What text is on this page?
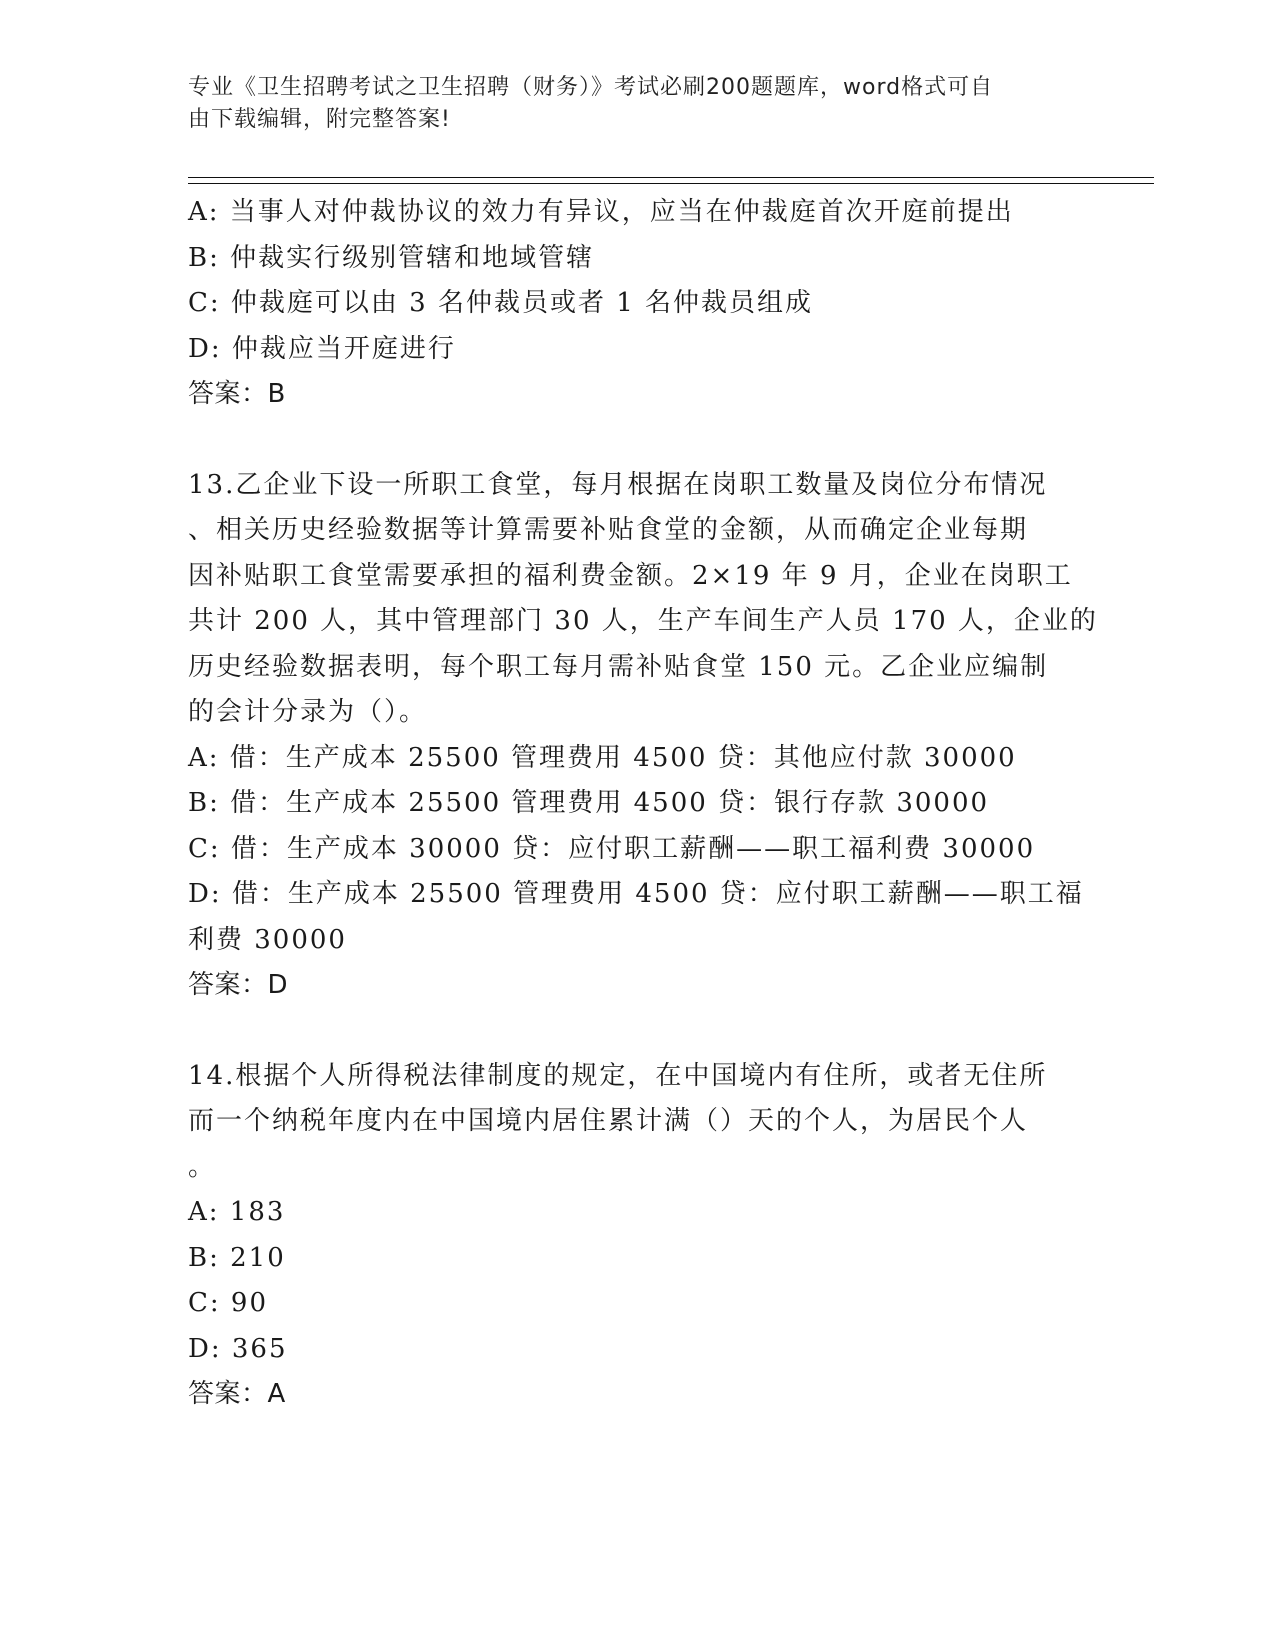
专业《卫生招聘考试之卫生招聘（财务）》考试必刷200题题库，word格式可自
由下载编辑，附完整答案!
A: 当事人对仲裁协议的效力有异议，应当在仲裁庭首次开庭前提出
B: 仲裁实行级别管辖和地域管辖
C: 仲裁庭可以由 3 名仲裁员或者 1 名仲裁员组成
D: 仲裁应当开庭进行
答案：B
13.乙企业下设一所职工食堂，每月根据在岗职工数量及岗位分布情况
、相关历史经验数据等计算需要补贴食堂的金额，从而确定企业每期
因补贴职工食堂需要承担的福利费金额。2×19 年 9 月，企业在岗职工
共计 200 人，其中管理部门 30 人，生产车间生产人员 170 人，企业的
历史经验数据表明，每个职工每月需补贴食堂 150 元。乙企业应编制
的会计分录为（）。
A: 借：生产成本 25500 管理费用 4500 贷：其他应付款 30000
B: 借：生产成本 25500 管理费用 4500 贷：银行存款 30000
C: 借：生产成本 30000 贷：应付职工薪酬——职工福利费 30000
D: 借：生产成本 25500 管理费用 4500 贷：应付职工薪酬——职工福
利费 30000
答案：D
14.根据个人所得税法律制度的规定，在中国境内有住所，或者无住所
而一个纳税年度内在中国境内居住累计满（）天的个人，为居民个人
。
A: 183
B: 210
C: 90
D: 365
答案：A
